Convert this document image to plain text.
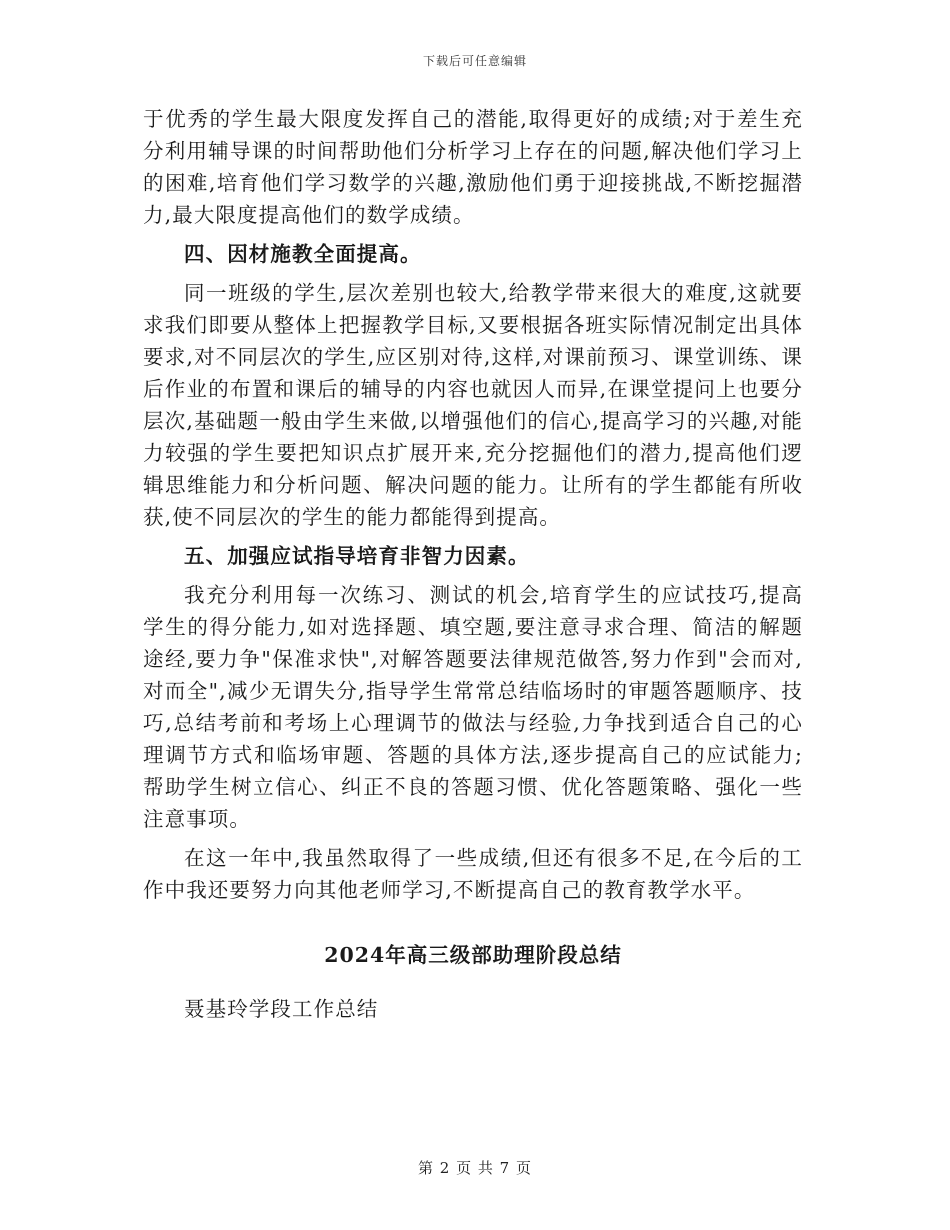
下载后可任意编辑

于优秀的学生最大限度发挥自己的潜能,取得更好的成绩;对于差生充分利用辅导课的时间帮助他们分析学习上存在的问题,解决他们学习上的困难,培育他们学习数学的兴趣,激励他们勇于迎接挑战,不断挖掘潜力,最大限度提高他们的数学成绩。

四、因材施教全面提高。

同一班级的学生,层次差别也较大,给教学带来很大的难度,这就要求我们即要从整体上把握教学目标,又要根据各班实际情况制定出具体要求,对不同层次的学生,应区别对待,这样,对课前预习、课堂训练、课后作业的布置和课后的辅导的内容也就因人而异,在课堂提问上也要分层次,基础题一般由学生来做,以增强他们的信心,提高学习的兴趣,对能力较强的学生要把知识点扩展开来,充分挖掘他们的潜力,提高他们逻辑思维能力和分析问题、解决问题的能力。让所有的学生都能有所收获,使不同层次的学生的能力都能得到提高。

五、加强应试指导培育非智力因素。

我充分利用每一次练习、测试的机会,培育学生的应试技巧,提高学生的得分能力,如对选择题、填空题,要注意寻求合理、简洁的解题途经,要力争"保准求快",对解答题要法律规范做答,努力作到"会而对,对而全",减少无谓失分,指导学生常常总结临场时的审题答题顺序、技巧,总结考前和考场上心理调节的做法与经验,力争找到适合自己的心理调节方式和临场审题、答题的具体方法,逐步提高自己的应试能力;帮助学生树立信心、纠正不良的答题习惯、优化答题策略、强化一些注意事项。

在这一年中,我虽然取得了一些成绩,但还有很多不足,在今后的工作中我还要努力向其他老师学习,不断提高自己的教育教学水平。

2024年高三级部助理阶段总结

聂基玲学段工作总结

第 2 页 共 7 页
